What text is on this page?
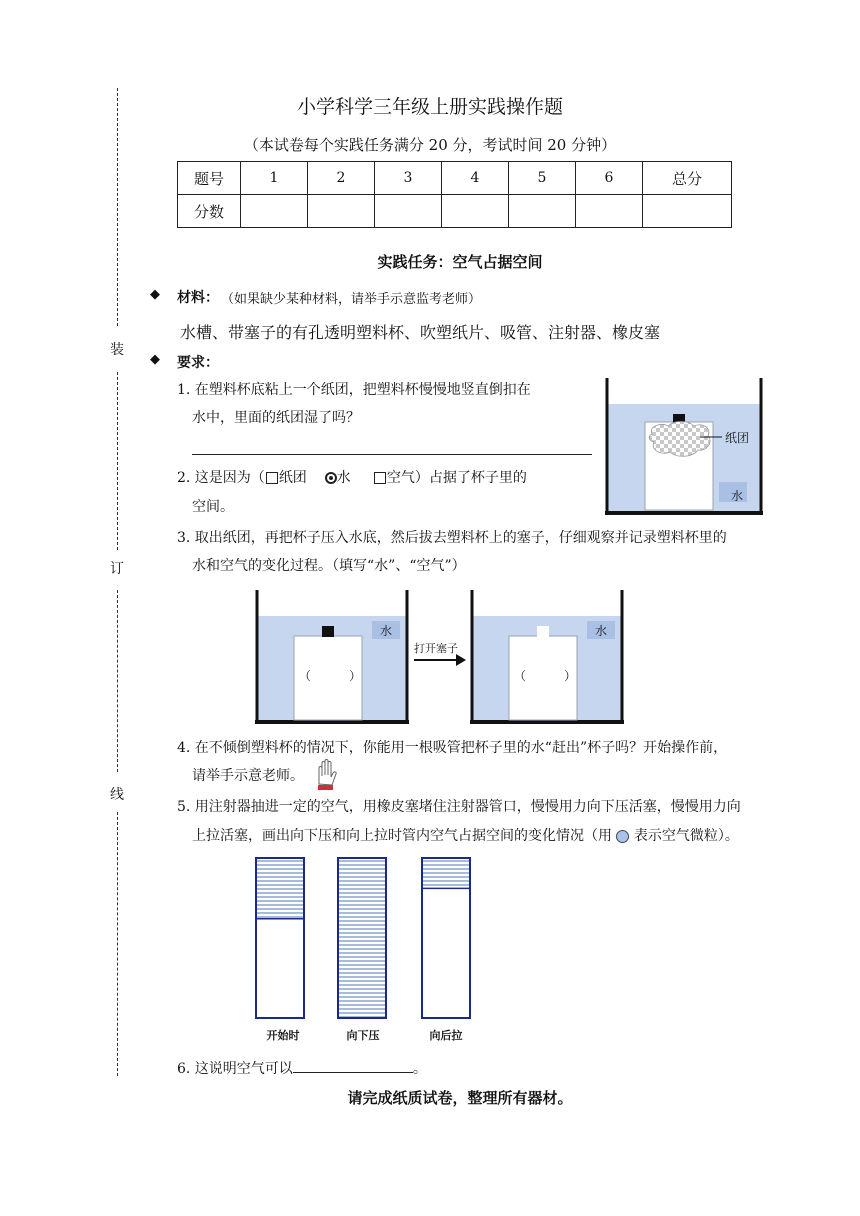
装
订
线
小学科学三年级上册实践操作题
（本试卷每个实践任务满分 20 分，考试时间 20 分钟）
题号	1	2	3	4	5	6	总分
分数							
实践任务：空气占据空间
◆ 材料： （如果缺少某种材料，请举手示意监考老师）
水槽、带塞子的有孔透明塑料杯、吹塑纸片、吸管、注射器、橡皮塞
◆ 要求：
1. 在塑料杯底粘上一个纸团，把塑料杯慢慢地竖直倒扣在
水中，里面的纸团湿了吗？
2. 这是因为（ 纸团 水	空气）占据了杯子里的
空间。
纸团
水
3. 取出纸团，再把杯子压入水底，然后拔去塑料杯上的塞子，仔细观察并记录塑料杯里的
水和空气的变化过程。（填写“水”、“空气”）
水
（          ）
打开塞子
水
（          ）
4. 在不倾倒塑料杯的情况下，你能用一根吸管把杯子里的水“赶出”杯子吗？开始操作前，
请举手示意老师。
5. 用注射器抽进一定的空气，用橡皮塞堵住注射器管口，慢慢用力向下压活塞，慢慢用力向
上拉活塞，画出向下压和向上拉时管内空气占据空间的变化情况（用 表示空气微粒）。
开始时	向下压	向后拉
6. 这说明空气可以	。
请完成纸质试卷，整理所有器材。
